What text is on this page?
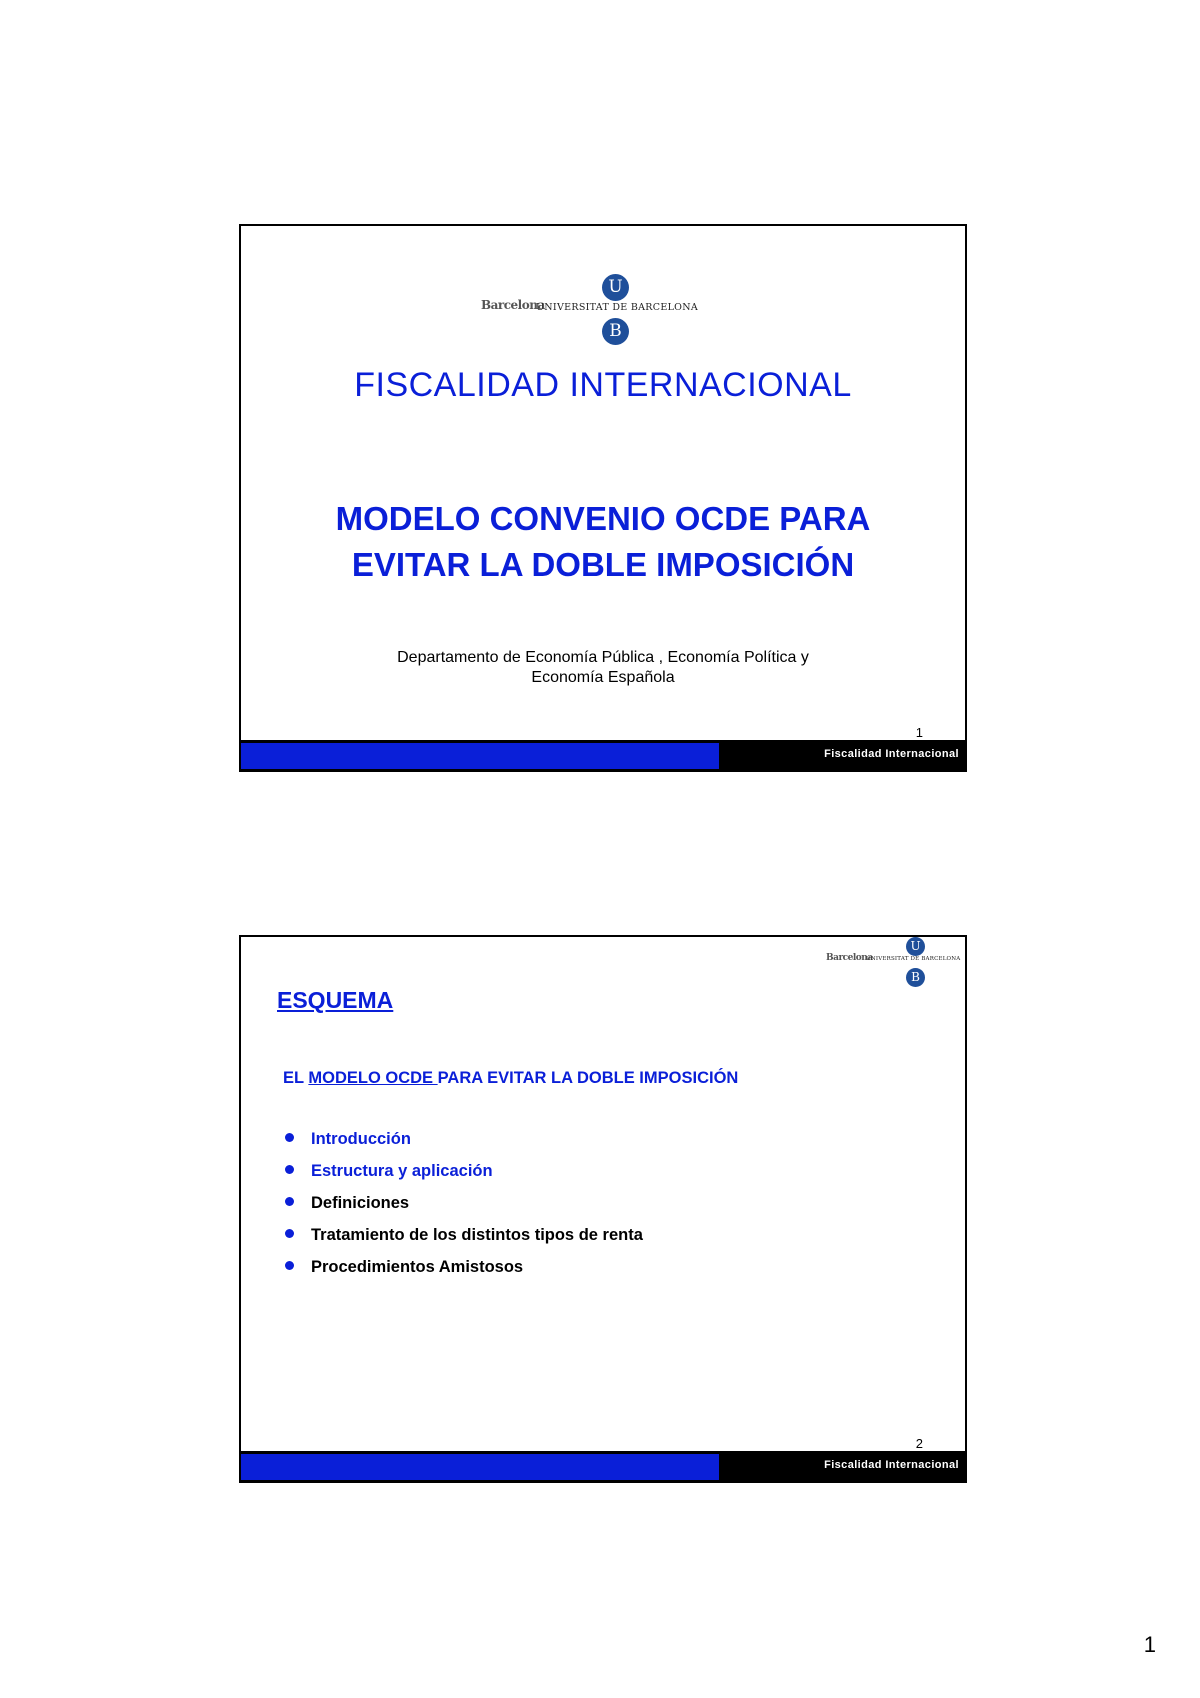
U
Barcelona
UNIVERSITAT DE BARCELONA
B
FISCALIDAD INTERNACIONAL
MODELO CONVENIO OCDE PARA
EVITAR LA DOBLE IMPOSICIÓN
Departamento de Economía Pública , Economía Política y
Economía Española
1
Fiscalidad Internacional
U
Barcelona
UNIVERSITAT DE BARCELONA
B
ESQUEMA
EL MODELO OCDE PARA EVITAR LA DOBLE IMPOSICIÓN
Introducción
Estructura y aplicación
Definiciones
Tratamiento de los distintos tipos de renta
Procedimientos Amistosos
2
Fiscalidad Internacional
1
